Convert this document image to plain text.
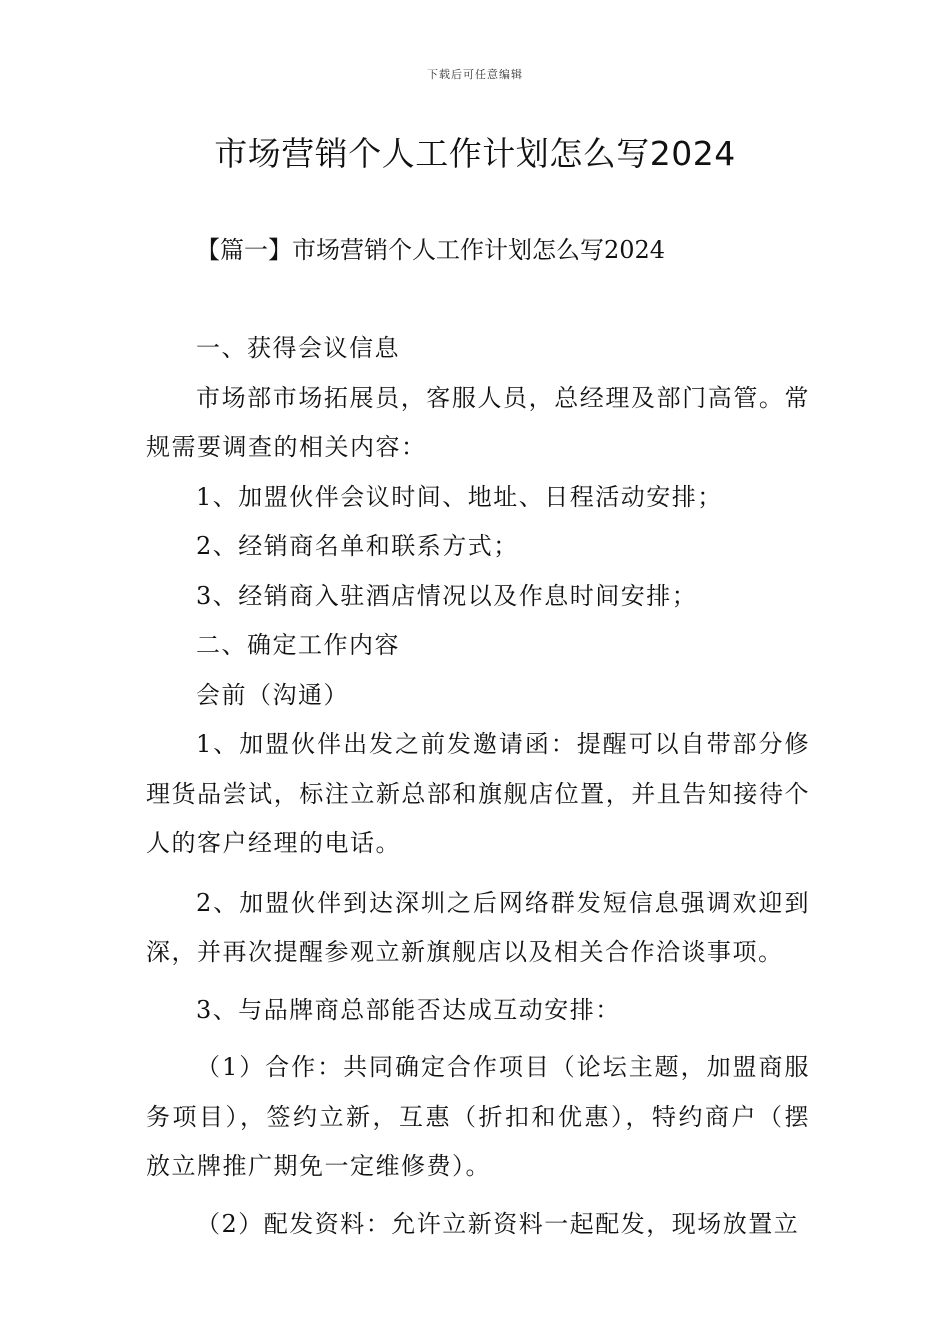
下载后可任意编辑
市场营销个人工作计划怎么写2024
【篇一】市场营销个人工作计划怎么写2024

一、获得会议信息

市场部市场拓展员，客服人员，总经理及部门高管。常规需要调查的相关内容：

1、加盟伙伴会议时间、地址、日程活动安排；

2、经销商名单和联系方式；

3、经销商入驻酒店情况以及作息时间安排；

二、确定工作内容

会前（沟通）

1、加盟伙伴出发之前发邀请函：提醒可以自带部分修理货品尝试，标注立新总部和旗舰店位置，并且告知接待个人的客户经理的电话。

2、加盟伙伴到达深圳之后网络群发短信息强调欢迎到深，并再次提醒参观立新旗舰店以及相关合作洽谈事项。

3、与品牌商总部能否达成互动安排：

（1）合作：共同确定合作项目（论坛主题，加盟商服务项目），签约立新，互惠（折扣和优惠），特约商户（摆放立牌推广期免一定维修费）。

（2）配发资料：允许立新资料一起配发，现场放置立
